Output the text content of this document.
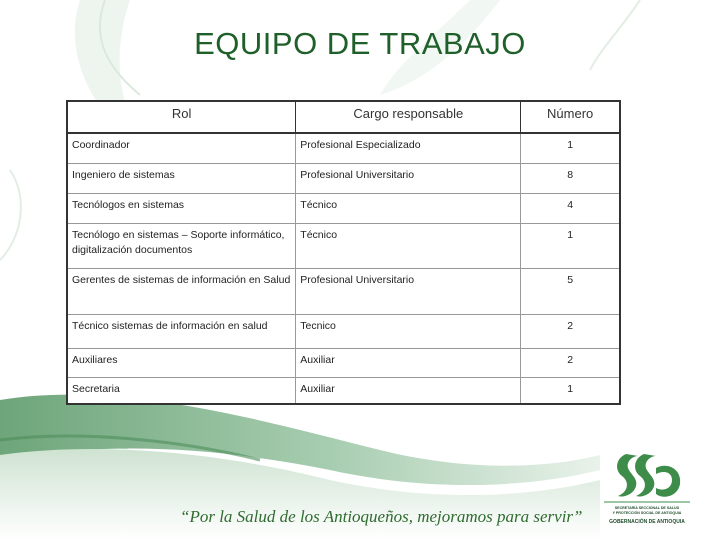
EQUIPO DE TRABAJO
Rol	Cargo responsable	Número
Coordinador	Profesional Especializado	1
Ingeniero de sistemas	Profesional Universitario	8
Tecnólogos en sistemas	Técnico	4
Tecnólogo en sistemas – Soporte informático, digitalización documentos	Técnico	1
Gerentes de sistemas de información en Salud	Profesional Universitario	5
Técnico sistemas de información en salud	Tecnico	2
Auxiliares	Auxiliar	2
Secretaria	Auxiliar	1
“Por la Salud de los Antioqueños, mejoramos para servir”	SECRETARÍA SECCIONAL DE SALUD
Y PROTECCIÓN SOCIAL DE ANTIOQUIA
GOBERNACIÓN DE ANTIOQUIA
